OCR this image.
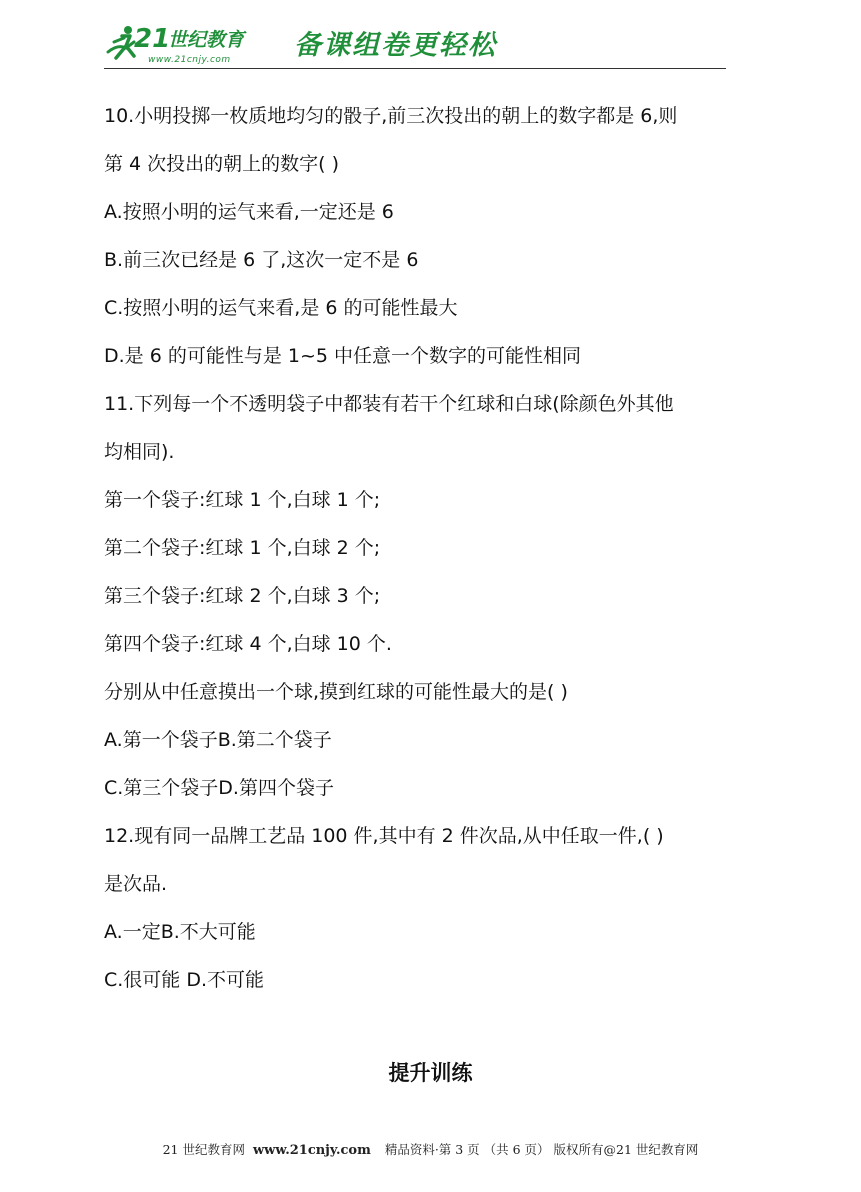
21
世纪教育
www.21cnjy.com 备课组卷更轻松
10.小明投掷一枚质地均匀的骰子,前三次投出的朝上的数字都是 6,则
第 4 次投出的朝上的数字( )
A.按照小明的运气来看,一定还是 6
B.前三次已经是 6 了,这次一定不是 6
C.按照小明的运气来看,是 6 的可能性最大
D.是 6 的可能性与是 1~5 中任意一个数字的可能性相同
11.下列每一个不透明袋子中都装有若干个红球和白球(除颜色外其他
均相同).
第一个袋子:红球 1 个,白球 1 个;
第二个袋子:红球 1 个,白球 2 个;
第三个袋子:红球 2 个,白球 3 个;
第四个袋子:红球 4 个,白球 10 个.
分别从中任意摸出一个球,摸到红球的可能性最大的是( )
A.第一个袋子B.第二个袋子
C.第三个袋子D.第四个袋子
12.现有同一品牌工艺品 100 件,其中有 2 件次品,从中任取一件,( )
是次品.
A.一定B.不大可能
C.很可能 D.不可能
提升训练
21 世纪教育网 www.21cnjy.com 精品资料·第 3 页 （共 6 页） 版权所有@21 世纪教育网
